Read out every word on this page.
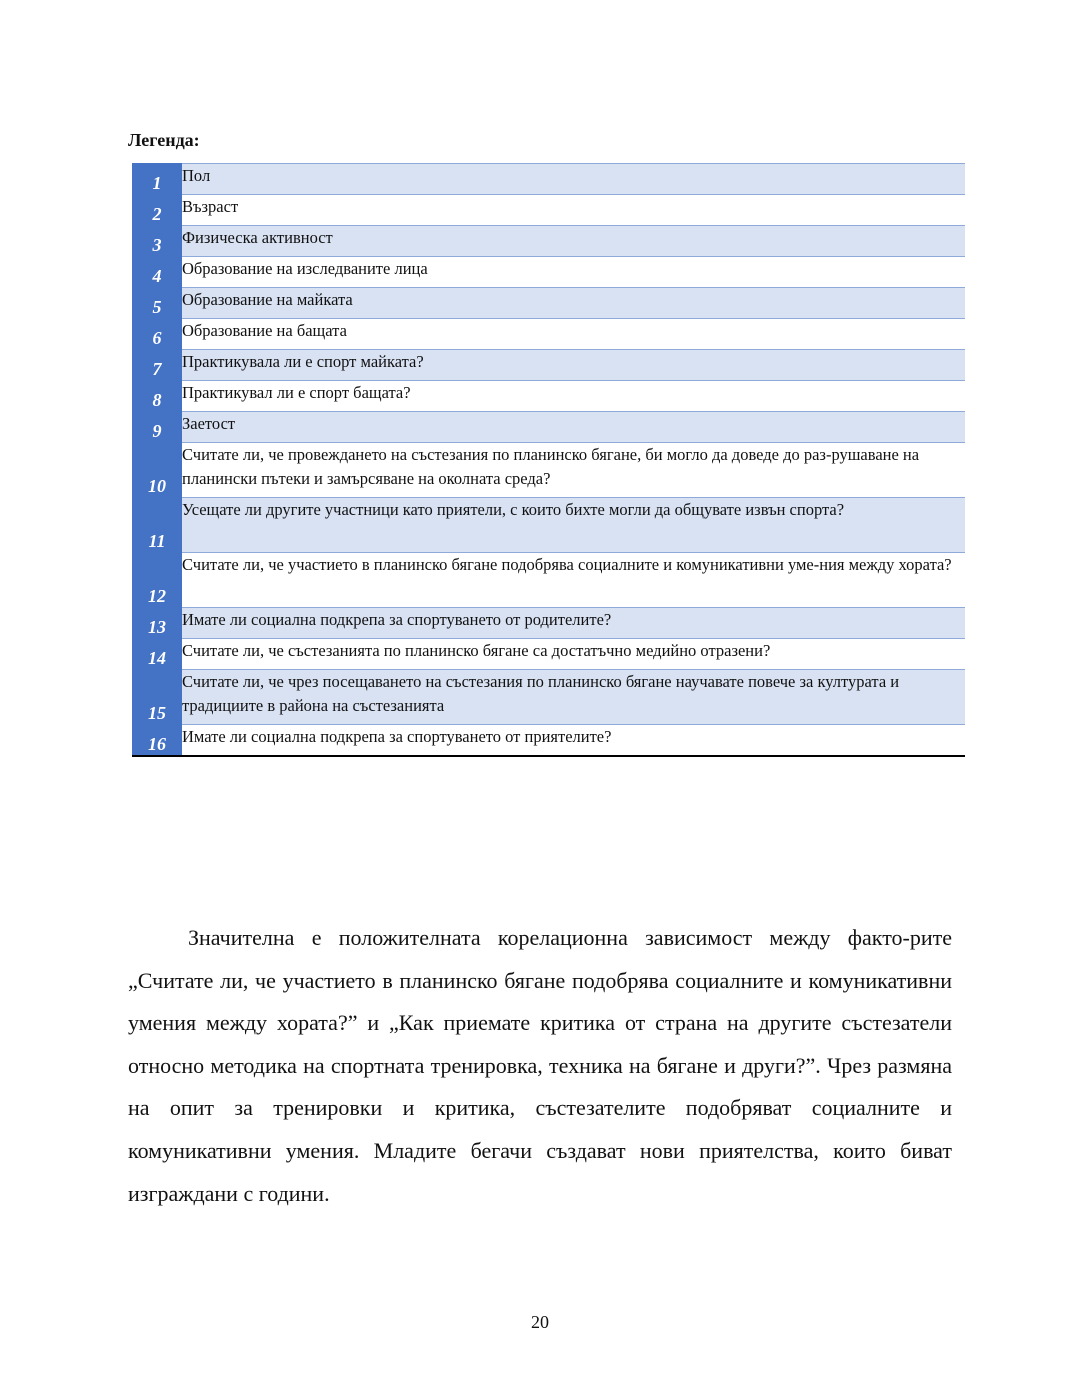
Легенда:
1	Пол
2	Възраст
3	Физическа активност
4	Образование на изследваните лица
5	Образование на майката
6	Образование на бащата
7	Практикувала ли е спорт майката?
8	Практикувал ли е спорт бащата?
9	Заетост
10	Считате ли, че провеждането на състезания по планинско бягане, би могло да доведе до раз-рушаване на планински пътеки и замърсяване на околната среда?
11	Усещате ли другите участници като приятели, с които бихте могли да общувате извън спорта?
12	Считате ли, че участието в планинско бягане подобрява социалните и комуникативни уме-ния между хората?
13	Имате ли социална подкрепа за спортуването от родителите?
14	Считате ли, че състезанията по планинско бягане са достатъчно медийно отразени?
15	Считате ли, че чрез посещаването на състезания по планинско бягане научавате повече за културата и традициите в района на състезанията
16	Имате ли социална подкрепа за спортуването от приятелите?

Значителна е положителната корелационна зависимост между факто-рите „Считате ли, че участието в планинско бягане подобрява социалните и комуникативни умения между хората?” и „Как приемате критика от страна на другите състезатели относно методика на спортната тренировка, техника на бягане и други?”. Чрез размяна на опит за тренировки и критика, състезателите подобряват социалните и комуникативни умения. Младите бегачи създават нови приятелства, които биват изграждани с години.

20
